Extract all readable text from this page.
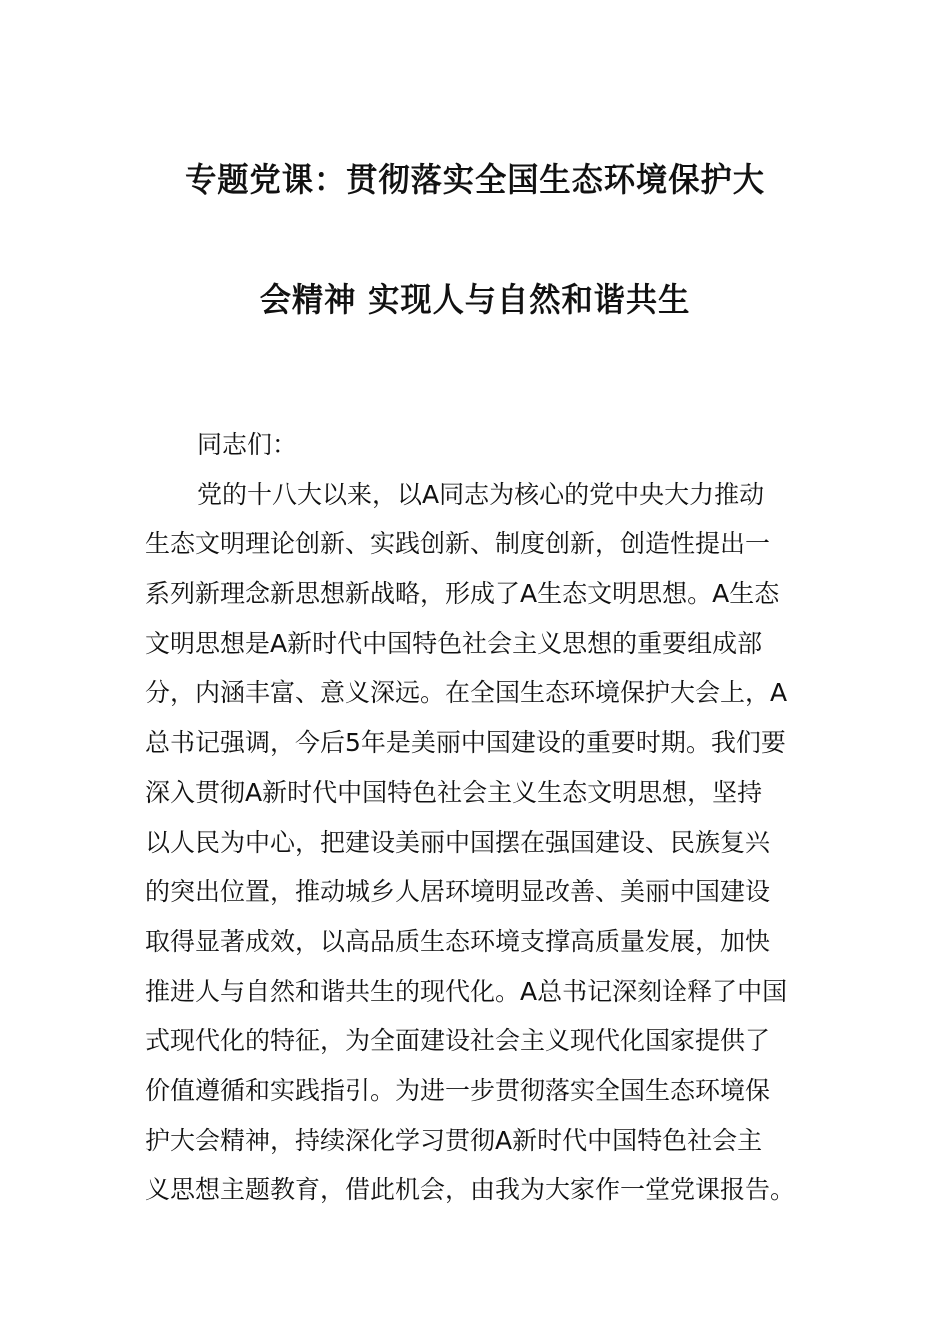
专题党课：贯彻落实全国生态环境保护大
会精神 实现人与自然和谐共生
同志们：
党的十八大以来，以A同志为核心的党中央大力推动
生态文明理论创新、实践创新、制度创新，创造性提出一
系列新理念新思想新战略，形成了A生态文明思想。A生态
文明思想是A新时代中国特色社会主义思想的重要组成部
分，内涵丰富、意义深远。在全国生态环境保护大会上，A
总书记强调，今后5年是美丽中国建设的重要时期。我们要
深入贯彻A新时代中国特色社会主义生态文明思想，坚持
以人民为中心，把建设美丽中国摆在强国建设、民族复兴
的突出位置，推动城乡人居环境明显改善、美丽中国建设
取得显著成效，以高品质生态环境支撑高质量发展，加快
推进人与自然和谐共生的现代化。A总书记深刻诠释了中国
式现代化的特征，为全面建设社会主义现代化国家提供了
价值遵循和实践指引。为进一步贯彻落实全国生态环境保
护大会精神，持续深化学习贯彻A新时代中国特色社会主
义思想主题教育，借此机会，由我为大家作一堂党课报告。
